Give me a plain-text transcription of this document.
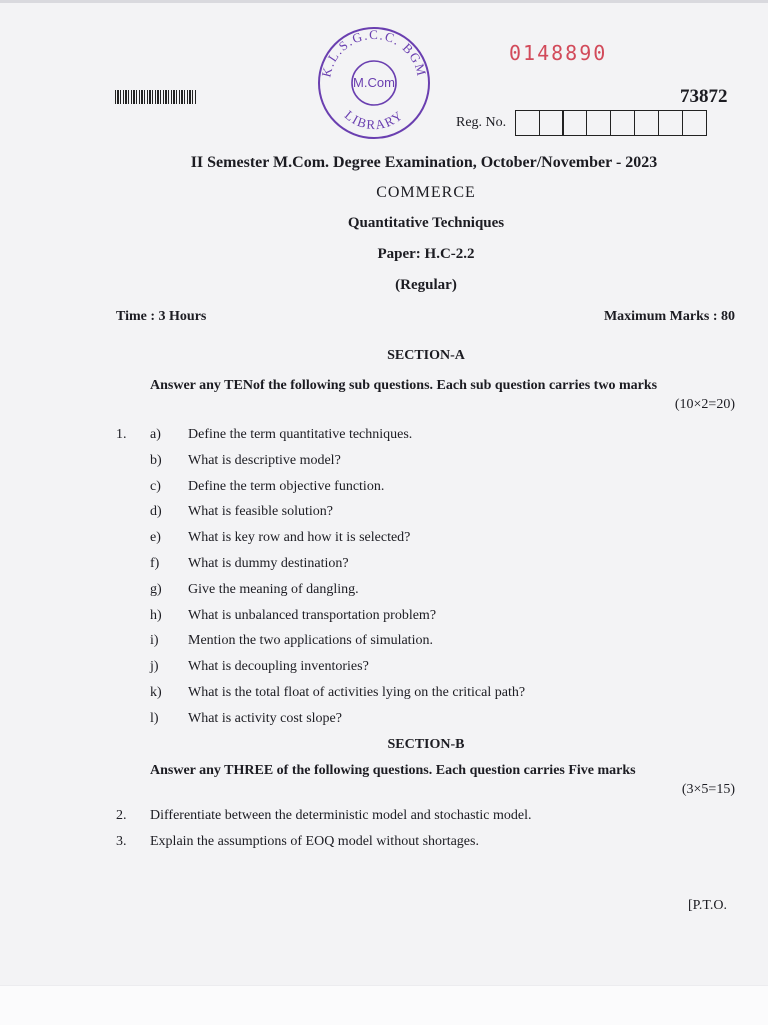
K.L.S.G.C.C. BGM
M.Com
LIBRARY
0148890
73872
Reg. No.
II Semester M.Com. Degree Examination, October/November - 2023
COMMERCE
Quantitative Techniques
Paper: H.C-2.2
(Regular)
Time : 3 Hours	Maximum Marks : 80
SECTION-A
Answer any TENof the following sub questions. Each sub question carries two marks
(10×2=20)
1. a) Define the term quantitative techniques.
b) What is descriptive model?
c) Define the term objective function.
d) What is feasible solution?
e) What is key row and how it is selected?
f) What is dummy destination?
g) Give the meaning of dangling.
h) What is unbalanced transportation problem?
i) Mention the two applications of simulation.
j) What is decoupling inventories?
k) What is the total float of activities lying on the critical path?
l) What is activity cost slope?
SECTION-B
Answer any THREE of the following questions. Each question carries Five marks
(3×5=15)
2. Differentiate between the deterministic model and stochastic model.
3. Explain the assumptions of EOQ model without shortages.
[P.T.O.
